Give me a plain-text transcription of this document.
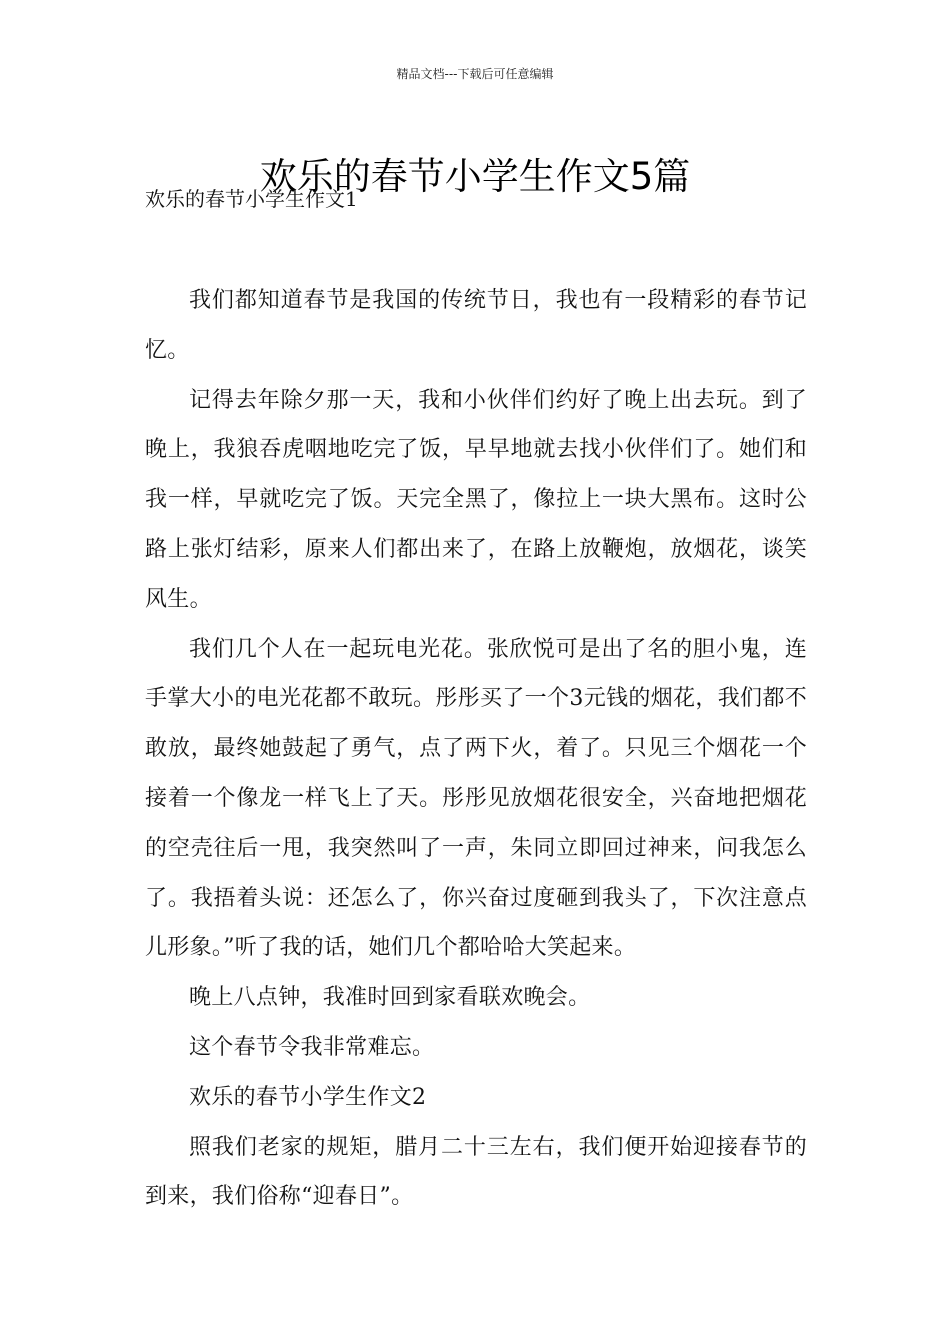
精品文档---下载后可任意编辑
欢乐的春节小学生作文5篇
欢乐的春节小学生作文1

我们都知道春节是我国的传统节日，我也有一段精彩的春节记忆。

记得去年除夕那一天，我和小伙伴们约好了晚上出去玩。到了晚上，我狼吞虎咽地吃完了饭，早早地就去找小伙伴们了。她们和我一样，早就吃完了饭。天完全黑了，像拉上一块大黑布。这时公路上张灯结彩，原来人们都出来了，在路上放鞭炮，放烟花，谈笑风生。

我们几个人在一起玩电光花。张欣悦可是出了名的胆小鬼，连手掌大小的电光花都不敢玩。彤彤买了一个3元钱的烟花，我们都不敢放，最终她鼓起了勇气，点了两下火，着了。只见三个烟花一个接着一个像龙一样飞上了天。彤彤见放烟花很安全，兴奋地把烟花的空壳往后一甩，我突然叫了一声，朱同立即回过神来，问我怎么了。我捂着头说：还怎么了，你兴奋过度砸到我头了，下次注意点儿形象。”听了我的话，她们几个都哈哈大笑起来。

晚上八点钟，我准时回到家看联欢晚会。

这个春节令我非常难忘。

欢乐的春节小学生作文2

照我们老家的规矩，腊月二十三左右，我们便开始迎接春节的到来，我们俗称“迎春日”。
